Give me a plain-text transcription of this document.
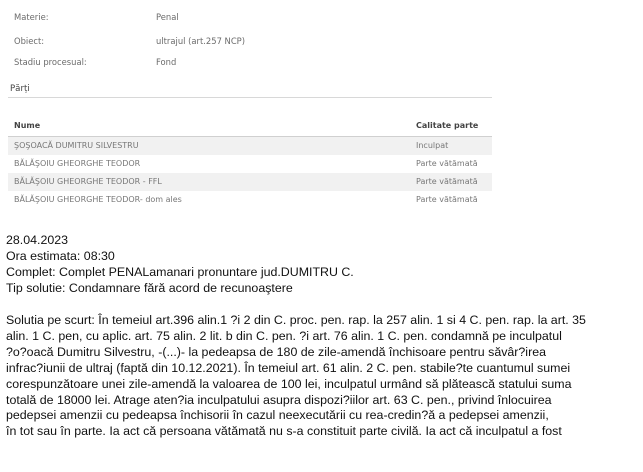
Materie:	Penal
Obiect:	ultrajul (art.257 NCP)
Stadiu procesual:	Fond
Părți
Nume	Calitate parte
ŞOŞOACĂ DUMITRU SILVESTRU	Inculpat
BĂLĂŞOIU GHEORGHE TEODOR	Parte vătămată
BĂLĂŞOIU GHEORGHE TEODOR - FFL	Parte vătămată
BĂLĂŞOIU GHEORGHE TEODOR- dom ales	Parte vătămată
28.04.2023
Ora estimata: 08:30
Complet: Complet PENALamanari pronuntare jud.DUMITRU C.
Tip solutie: Condamnare fără acord de recunoaştere
Solutia pe scurt: În temeiul art.396 alin.1 ?i 2 din C. proc. pen. rap. la 257 alin. 1 si 4 C. pen. rap. la art. 35
alin. 1 C. pen, cu aplic. art. 75 alin. 2 lit. b din C. pen. ?i art. 76 alin. 1 C. pen. condamnă pe inculpatul
?o?oacă Dumitru Silvestru, -(...)- la pedeapsa de 180 de zile-amendă închisoare pentru săvâr?irea
infrac?iunii de ultraj (faptă din 10.12.2021). În temeiul art. 61 alin. 2 C. pen. stabile?te cuantumul sumei
corespunzătoare unei zile-amendă la valoarea de 100 lei, inculpatul urmând să plătească statului suma
totală de 18000 lei. Atrage aten?ia inculpatului asupra dispozi?iilor art. 63 C. pen., privind înlocuirea
pedepsei amenzii cu pedeapsa închisorii în cazul neexecutării cu rea-credin?ă a pedepsei amenzii,
în tot sau în parte. Ia act că persoana vătămată nu s-a constituit parte civilă. Ia act că inculpatul a fost
